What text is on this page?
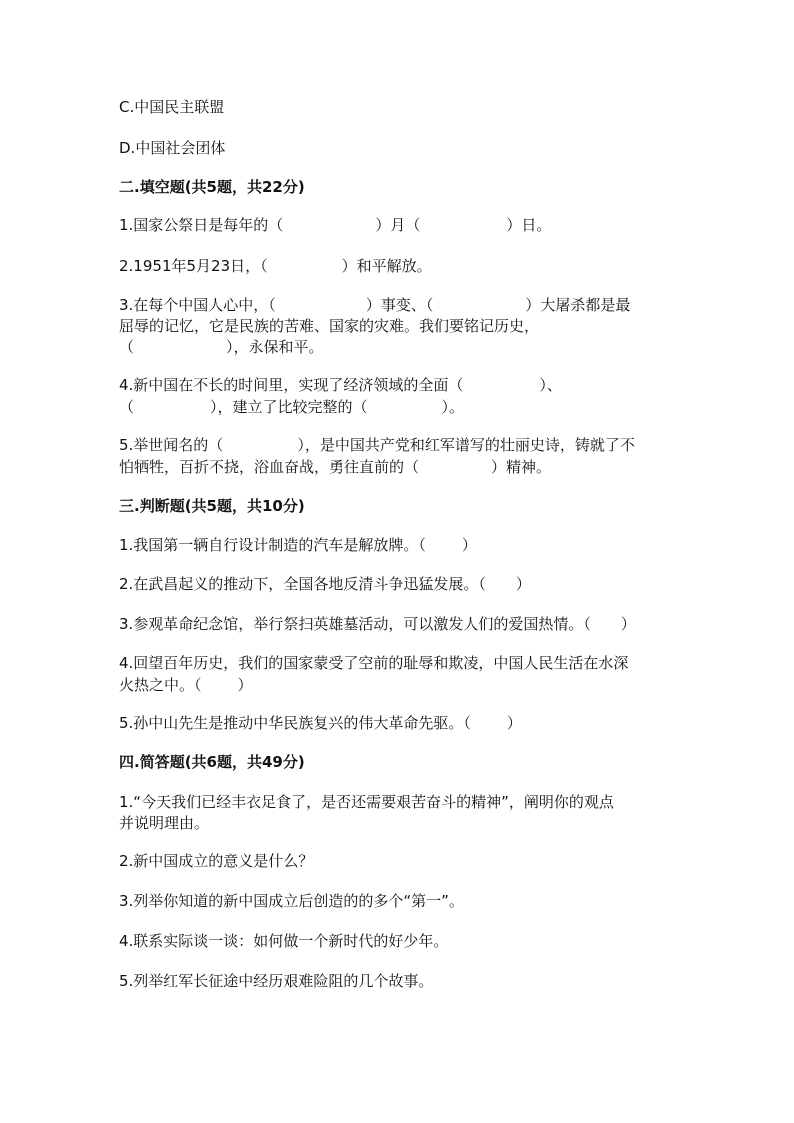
C.中国民主联盟
D.中国社会团体
二.填空题(共5题，共22分)
1.国家公祭日是每年的（	）月（	）日。
2.1951年5月23日，（	）和平解放。
3.在每个中国人心中，（	）事变、（	）大屠杀都是最
屈辱的记忆，它是民族的苦难、国家的灾难。我们要铭记历史，
（	），永保和平。
4.新中国在不长的时间里，实现了经济领域的全面（	）、
（	），建立了比较完整的（	）。
5.举世闻名的（	），是中国共产党和红军谱写的壮丽史诗，铸就了不
怕牺牲，百折不挠，浴血奋战，勇往直前的（	）精神。
三.判断题(共5题，共10分)
1.我国第一辆自行设计制造的汽车是解放牌。（ ）
2.在武昌起义的推动下，全国各地反清斗争迅猛发展。（ ）
3.参观革命纪念馆，举行祭扫英雄墓活动，可以激发人们的爱国热情。（ ）
4.回望百年历史，我们的国家蒙受了空前的耻辱和欺凌，中国人民生活在水深
火热之中。（ ）
5.孙中山先生是推动中华民族复兴的伟大革命先驱。（ ）
四.简答题(共6题，共49分)
1.“今天我们已经丰衣足食了，是否还需要艰苦奋斗的精神”，阐明你的观点
并说明理由。
2.新中国成立的意义是什么？
3.列举你知道的新中国成立后创造的的多个“第一”。
4.联系实际谈一谈：如何做一个新时代的好少年。
5.列举红军长征途中经历艰难险阻的几个故事。
